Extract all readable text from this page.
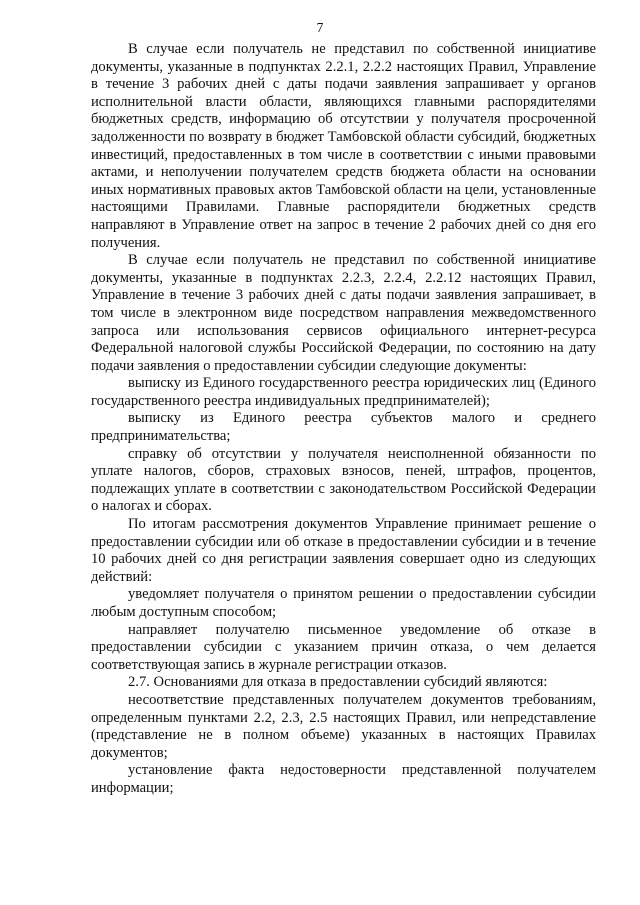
7

В случае если получатель не представил по собственной инициативе документы, указанные в подпунктах 2.2.1, 2.2.2 настоящих Правил, Управление в течение 3 рабочих дней с даты подачи заявления запрашивает у органов исполнительной власти области, являющихся главными распорядителями бюджетных средств, информацию об отсутствии у получателя просроченной задолженности по возврату в бюджет Тамбовской области субсидий, бюджетных инвестиций, предоставленных в том числе в соответствии с иными правовыми актами, и неполучении получателем средств бюджета области на основании иных нормативных правовых актов Тамбовской области на цели, установленные настоящими Правилами. Главные распорядители бюджетных средств направляют в Управление ответ на запрос в течение 2 рабочих дней со дня его получения.

В случае если получатель не представил по собственной инициативе документы, указанные в подпунктах 2.2.3, 2.2.4, 2.2.12 настоящих Правил, Управление в течение 3 рабочих дней с даты подачи заявления запрашивает, в том числе в электронном виде посредством направления межведомственного запроса или использования сервисов официального интернет-ресурса Федеральной налоговой службы Российской Федерации, по состоянию на дату подачи заявления о предоставлении субсидии следующие документы:

выписку из Единого государственного реестра юридических лиц (Единого государственного реестра индивидуальных предпринимателей);

выписку из Единого реестра субъектов малого и среднего предпринимательства;

справку об отсутствии у получателя неисполненной обязанности по уплате налогов, сборов, страховых взносов, пеней, штрафов, процентов, подлежащих уплате в соответствии с законодательством Российской Федерации о налогах и сборах.

По итогам рассмотрения документов Управление принимает решение о предоставлении субсидии или об отказе в предоставлении субсидии и в течение 10 рабочих дней со дня регистрации заявления совершает одно из следующих действий:

уведомляет получателя о принятом решении о предоставлении субсидии любым доступным способом;

направляет получателю письменное уведомление об отказе в предоставлении субсидии с указанием причин отказа, о чем делается соответствующая запись в журнале регистрации отказов.

2.7. Основаниями для отказа в предоставлении субсидий являются:

несоответствие представленных получателем документов требованиям, определенным пунктами 2.2, 2.3, 2.5 настоящих Правил, или непредставление (представление не в полном объеме) указанных в настоящих Правилах документов;

установление факта недостоверности представленной получателем информации;
